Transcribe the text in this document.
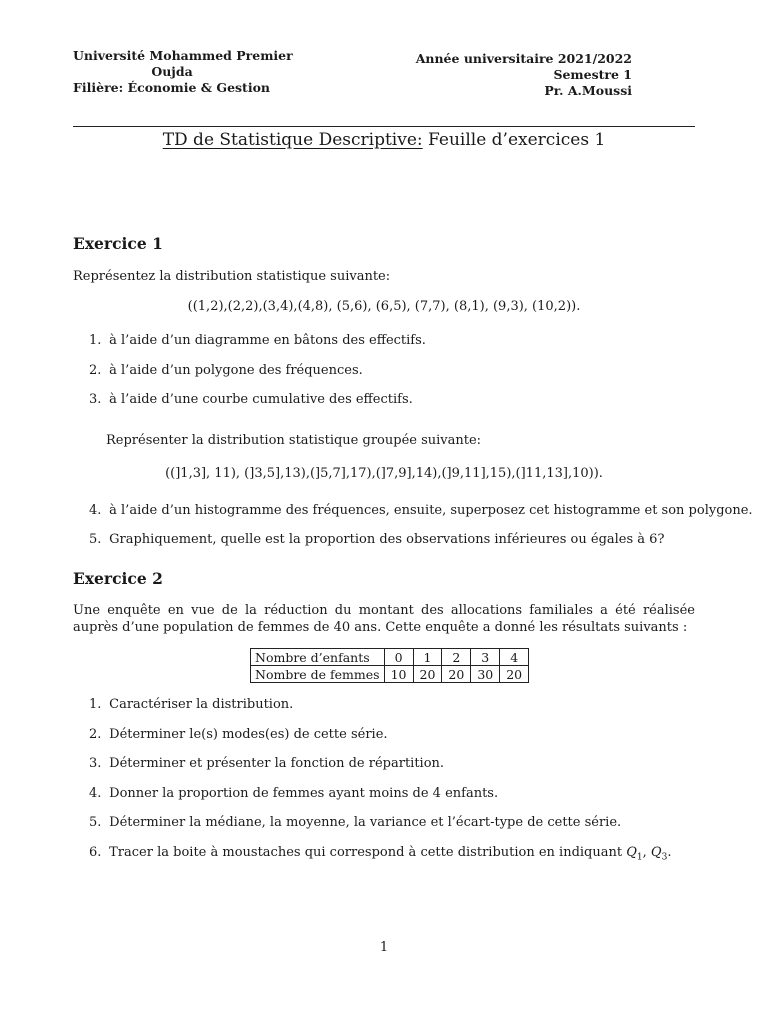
Université Mohammed Premier

Oujda
Filière: Économie & Gestion
Année universitaire 2021/2022
Semestre 1
Pr. A.Moussi
TD de Statistique Descriptive: Feuille d’exercices 1
Exercice 1
Représentez la distribution statistique suivante:
((1,2),(2,2),(3,4),(4,8), (5,6), (6,5), (7,7), (8,1), (9,3), (10,2)).
1. à l’aide d’un diagramme en bâtons des effectifs.
2. à l’aide d’un polygone des fréquences.
3. à l’aide d’une courbe cumulative des effectifs.
Représenter la distribution statistique groupée suivante:
((]1,3], 11), (]3,5],13),(]5,7],17),(]7,9],14),(]9,11],15),(]11,13],10)).
4. à l’aide d’un histogramme des fréquences, ensuite, superposez cet histogramme et son polygone.
5. Graphiquement, quelle est la proportion des observations inférieures ou égales à 6?
Exercice 2
Une enquête en vue de la réduction du montant des allocations familiales a été réalisée auprès d’une population de femmes de 40 ans. Cette enquête a donné les résultats suivants :
Nombre d’enfants	0	1	2	3	4
Nombre de femmes	10	20	20	30	20
1. Caractériser la distribution.
2. Déterminer le(s) modes(es) de cette série.
3. Déterminer et présenter la fonction de répartition.
4. Donner la proportion de femmes ayant moins de 4 enfants.
5. Déterminer la médiane, la moyenne, la variance et l’écart-type de cette série.
6. Tracer la boite à moustaches qui correspond à cette distribution en indiquant $Q_1$, $Q_3$.
1
